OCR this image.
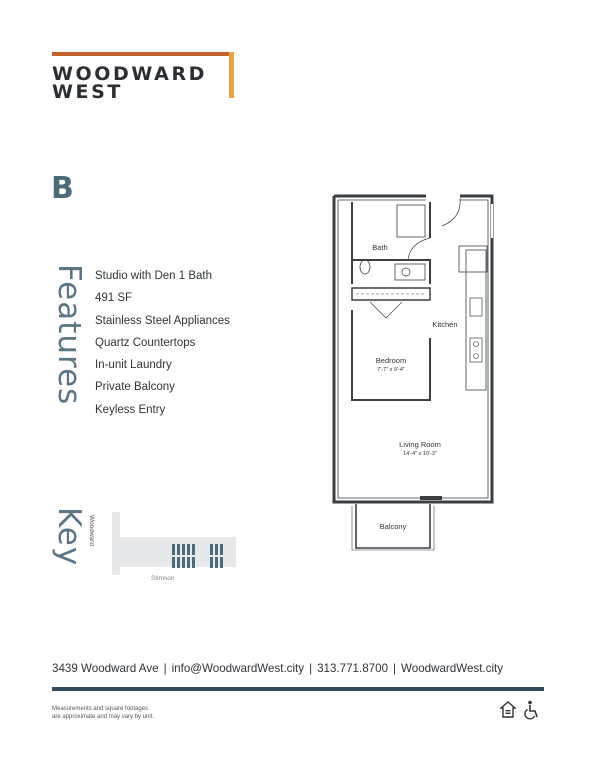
WOODWARD
WEST
B
Features Studio with Den 1 Bath
491 SF
Stainless Steel Appliances
Quartz Countertops
In-unit Laundry
Private Balcony
Keyless Entry
Key Woodward
Stimson
Bath
Kitchen
Bedroom
7'-7" x 9'-4"
Living Room
14'-4" x 10'-3"
Balcony
3439 Woodward Ave | info@WoodwardWest.city | 313.771.8700 | WoodwardWest.city
Measurements and square footages
are approximate and may vary by unit.
